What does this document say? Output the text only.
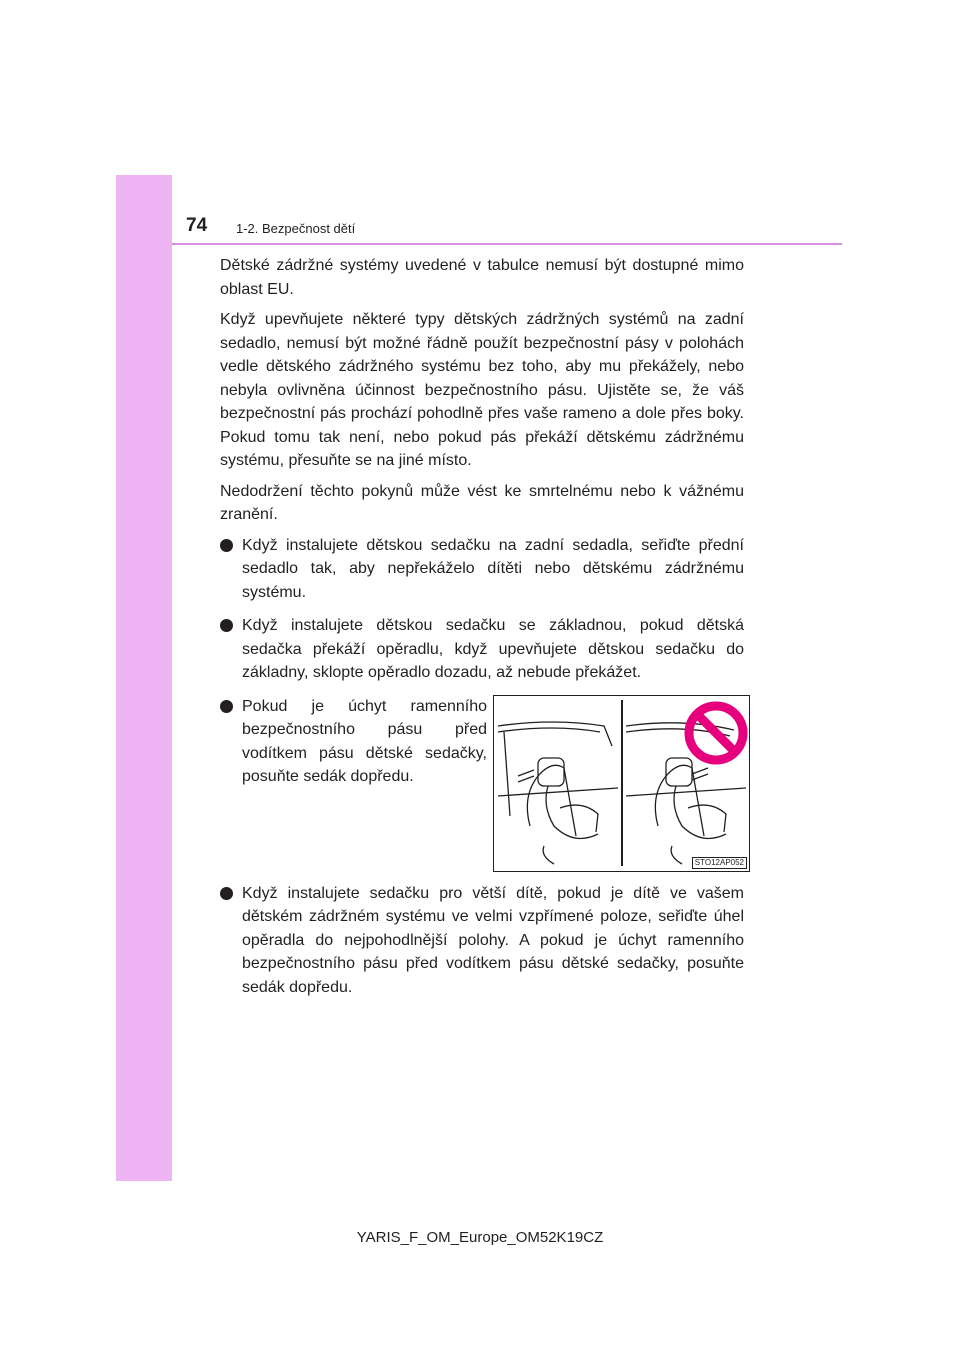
74 1-2. Bezpečnost dětí

Dětské zádržné systémy uvedené v tabulce nemusí být dostupné mimo oblast EU.

Když upevňujete některé typy dětských zádržných systémů na zadní sedadlo, nemusí být možné řádně použít bezpečnostní pásy v polohách vedle dětského zádržného systému bez toho, aby mu překážely, nebo nebyla ovlivněna účinnost bezpečnostního pásu. Ujistěte se, že váš bezpečnostní pás prochází pohodlně přes vaše rameno a dole přes boky. Pokud tomu tak není, nebo pokud pás překáží dětskému zádržnému systému, přesuňte se na jiné místo.

Nedodržení těchto pokynů může vést ke smrtelnému nebo k vážnému zranění.

Když instalujete dětskou sedačku na zadní sedadla, seřiďte přední sedadlo tak, aby nepřekáželo dítěti nebo dětskému zádržnému systému.
Když instalujete dětskou sedačku se základnou, pokud dětská sedačka překáží opěradlu, když upevňujete dětskou sedačku do základny, sklopte opěradlo dozadu, až nebude překážet.
Pokud je úchyt ramenního bezpečnostního pásu před vodítkem pásu dětské sedačky, posuňte sedák dopředu.
STO12AP052
Když instalujete sedačku pro větší dítě, pokud je dítě ve vašem dětském zádržném systému ve velmi vzpřímené poloze, seřiďte úhel opěradla do nejpohodlnější polohy. A pokud je úchyt ramenního bezpečnostního pásu před vodítkem pásu dětské sedačky, posuňte sedák dopředu.
YARIS_F_OM_Europe_OM52K19CZ
